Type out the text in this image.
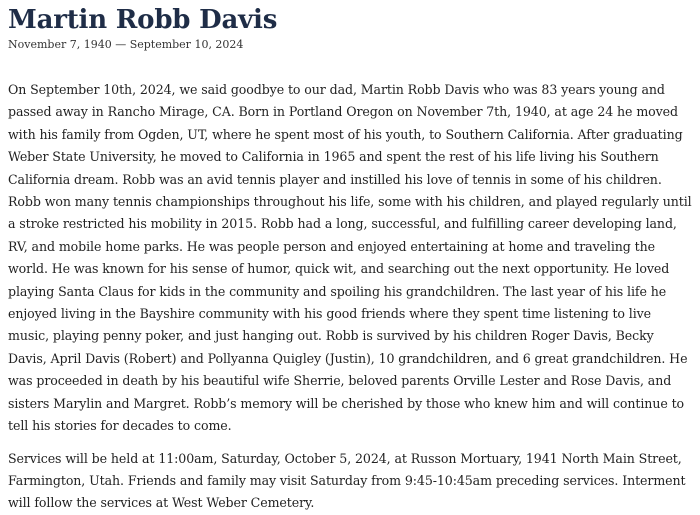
Martin Robb Davis
November 7, 1940 — September 10, 2024

On September 10th, 2024, we said goodbye to our dad, Martin Robb Davis who was 83 years young and passed away in Rancho Mirage, CA. Born in Portland Oregon on November 7th, 1940, at age 24 he moved with his family from Ogden, UT, where he spent most of his youth, to Southern California. After graduating Weber State University, he moved to California in 1965 and spent the rest of his life living his Southern California dream. Robb was an avid tennis player and instilled his love of tennis in some of his children. Robb won many tennis championships throughout his life, some with his children, and played regularly until a stroke restricted his mobility in 2015. Robb had a long, successful, and fulfilling career developing land, RV, and mobile home parks. He was people person and enjoyed entertaining at home and traveling the world. He was known for his sense of humor, quick wit, and searching out the next opportunity. He loved playing Santa Claus for kids in the community and spoiling his grandchildren. The last year of his life he enjoyed living in the Bayshire community with his good friends where they spent time listening to live music, playing penny poker, and just hanging out. Robb is survived by his children Roger Davis, Becky Davis, April Davis (Robert) and Pollyanna Quigley (Justin), 10 grandchildren, and 6 great grandchildren. He was proceeded in death by his beautiful wife Sherrie, beloved parents Orville Lester and Rose Davis, and sisters Marylin and Margret. Robb’s memory will be cherished by those who knew him and will continue to tell his stories for decades to come.

Services will be held at 11:00am, Saturday, October 5, 2024, at Russon Mortuary, 1941 North Main Street, Farmington, Utah. Friends and family may visit Saturday from 9:45-10:45am preceding services. Interment will follow the services at West Weber Cemetery.
